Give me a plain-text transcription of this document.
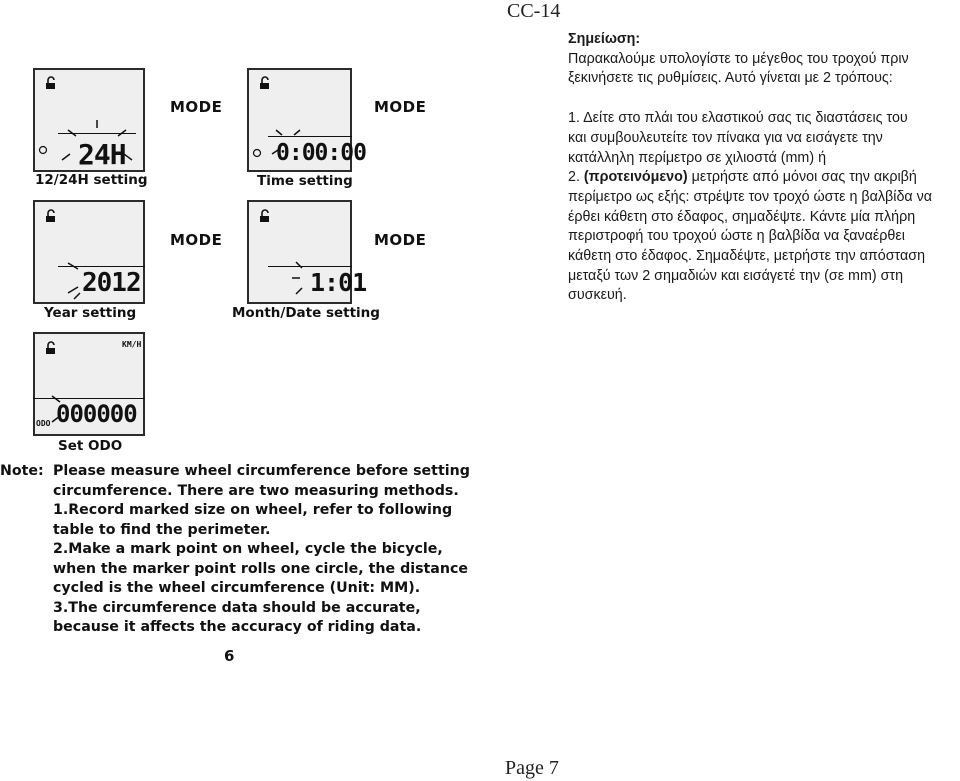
CC-14
Page 7

Σημείωση:

Παρακαλούμε υπολογίστε το μέγεθος του τροχού πριν

ξεκινήσετε τις ρυθμίσεις. Αυτό γίνεται με 2 τρόπους:

1. Δείτε στο πλάι του ελαστικού σας τις διαστάσεις του

και συμβουλευτείτε τον πίνακα για να εισάγετε την

κατάλληλη περίμετρο σε χιλιοστά (mm) ή

2. (προτεινόμενο) μετρήστε από μόνοι σας την ακριβή

περίμετρο ως εξής: στρέψτε τον τροχό ώστε η βαλβίδα να

έρθει κάθετη στο έδαφος, σημαδέψτε. Κάντε μία πλήρη

περιστροφή του τροχού ώστε η βαλβίδα να ξαναέρθει

κάθετη στο έδαφος. Σημαδέψτε, μετρήστε την απόσταση

μεταξύ των 2 σημαδιών και εισάγετέ την (σε mm) στη

συσκευή.

24H
12/24H setting
MODE
0:00:00
Time setting
MODE
2012
Year setting
MODE
1:01
Month/Date setting
MODE
KM/H
ODO 000000
Set ODO
Note: Please measure wheel circumference before setting
circumference. There are two measuring methods.
1.Record marked size on wheel, refer to following
table to find the perimeter.
2.Make a mark point on wheel, cycle the bicycle,
when the marker point rolls one circle, the distance
cycled is the wheel circumference (Unit: MM).
3.The circumference data should be accurate,
because it affects the accuracy of riding data.
6
